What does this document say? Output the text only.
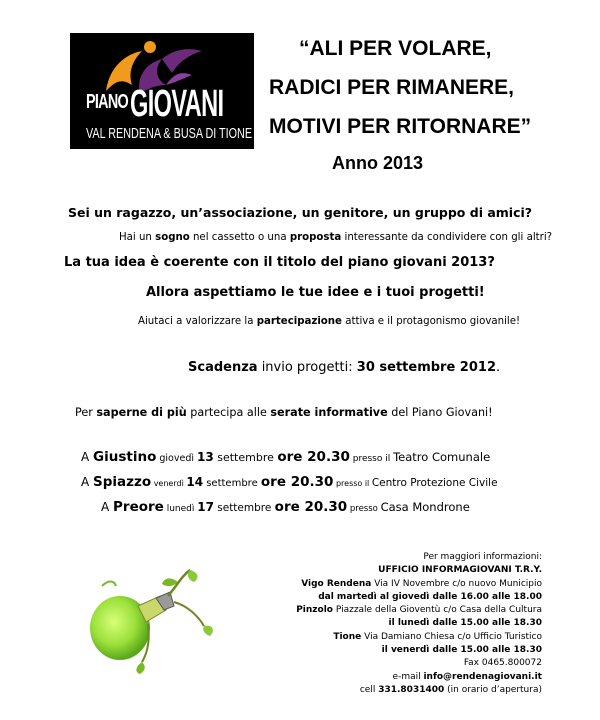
PIANO GIOVANI
VAL RENDENA & BUSA DI TIONE
“ALI PER VOLARE,
RADICI PER RIMANERE,
MOTIVI PER RITORNARE”
Anno 2013
Sei un ragazzo, un’associazione, un genitore, un gruppo di amici?
Hai un sogno nel cassetto o una proposta interessante da condividere con gli altri?
La tua idea è coerente con il titolo del piano giovani 2013?
Allora aspettiamo le tue idee e i tuoi progetti!
Aiutaci a valorizzare la partecipazione attiva e il protagonismo giovanile!
Scadenza invio progetti: 30 settembre 2012.
Per saperne di più partecipa alle serate informative del Piano Giovani!
A Giustino giovedì 13 settembre ore 20.30 presso il Teatro Comunale
A Spiazzo venerdì 14 settembre ore 20.30 presso il Centro Protezione Civile
A Preore lunedì 17 settembre ore 20.30 presso Casa Mondrone
Per maggiori informazioni:
UFFICIO INFORMAGIOVANI T.R.Y.
Vigo Rendena Via IV Novembre c/o nuovo Municipio
dal martedì al giovedì dalle 16.00 alle 18.00
Pinzolo Piazzale della Gioventù c/o Casa della Cultura
il lunedì dalle 15.00 alle 18.30
Tione Via Damiano Chiesa c/o Ufficio Turistico
il venerdì dalle 15.00 alle 18.30
Fax 0465.800072
e-mail info@rendenagiovani.it
cell 331.8031400 (in orario d’apertura)
